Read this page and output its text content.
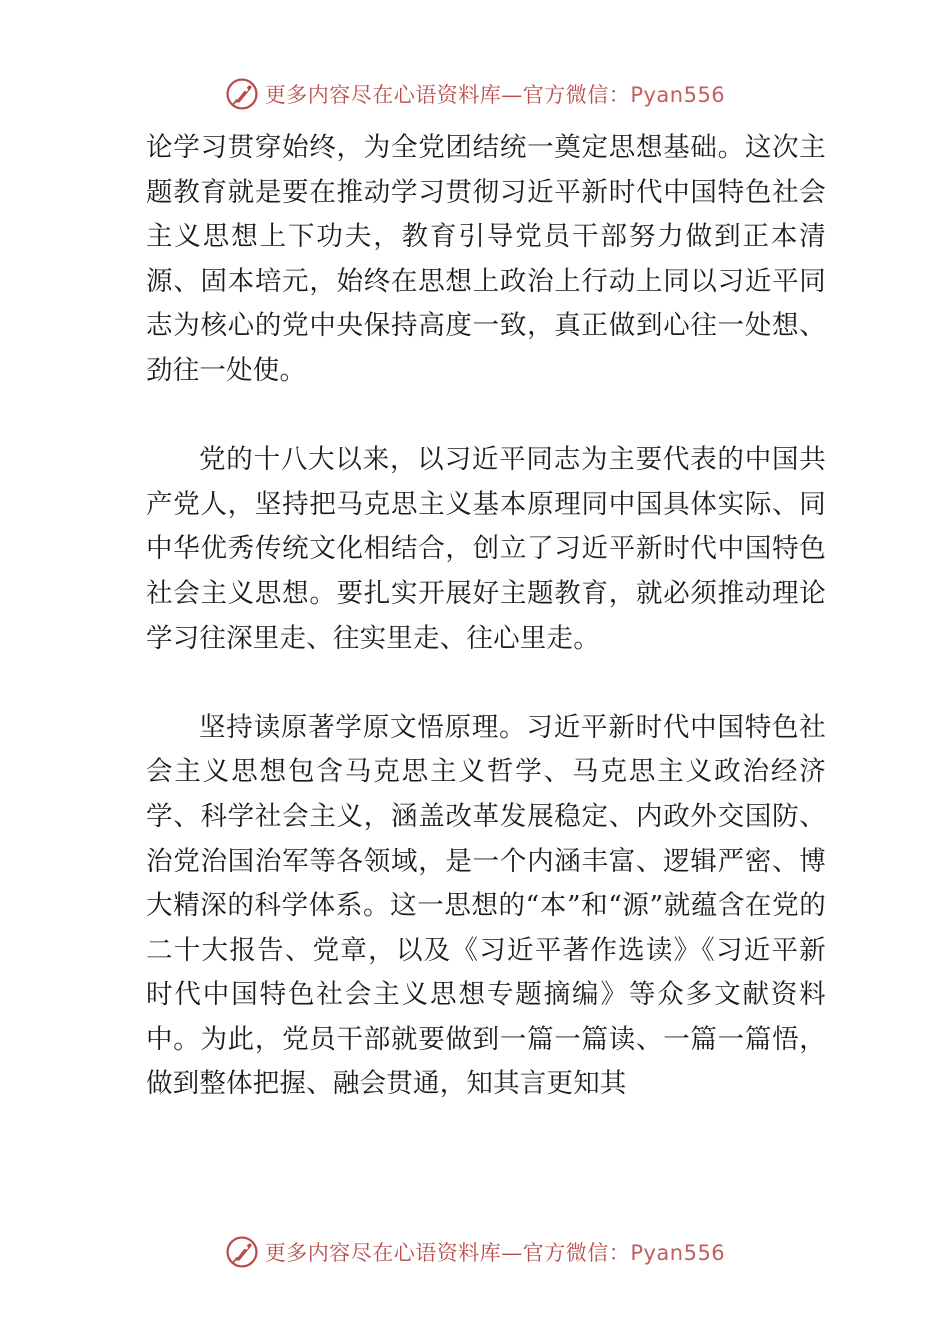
更多内容尽在心语资料库—官方微信：Pyan556

论学习贯穿始终，为全党团结统一奠定思想基础。这次主题教育就是要在推动学习贯彻习近平新时代中国特色社会主义思想上下功夫，教育引导党员干部努力做到正本清源、固本培元，始终在思想上政治上行动上同以习近平同志为核心的党中央保持高度一致，真正做到心往一处想、劲往一处使。

党的十八大以来，以习近平同志为主要代表的中国共产党人，坚持把马克思主义基本原理同中国具体实际、同中华优秀传统文化相结合，创立了习近平新时代中国特色社会主义思想。要扎实开展好主题教育，就必须推动理论学习往深里走、往实里走、往心里走。

坚持读原著学原文悟原理。习近平新时代中国特色社会主义思想包含马克思主义哲学、马克思主义政治经济学、科学社会主义，涵盖改革发展稳定、内政外交国防、治党治国治军等各领域，是一个内涵丰富、逻辑严密、博大精深的科学体系。这一思想的“本”和“源”就蕴含在党的二十大报告、党章，以及《习近平著作选读》《习近平新时代中国特色社会主义思想专题摘编》等众多文献资料中。为此，党员干部就要做到一篇一篇读、一篇一篇悟，做到整体把握、融会贯通，知其言更知其

更多内容尽在心语资料库—官方微信：Pyan556
